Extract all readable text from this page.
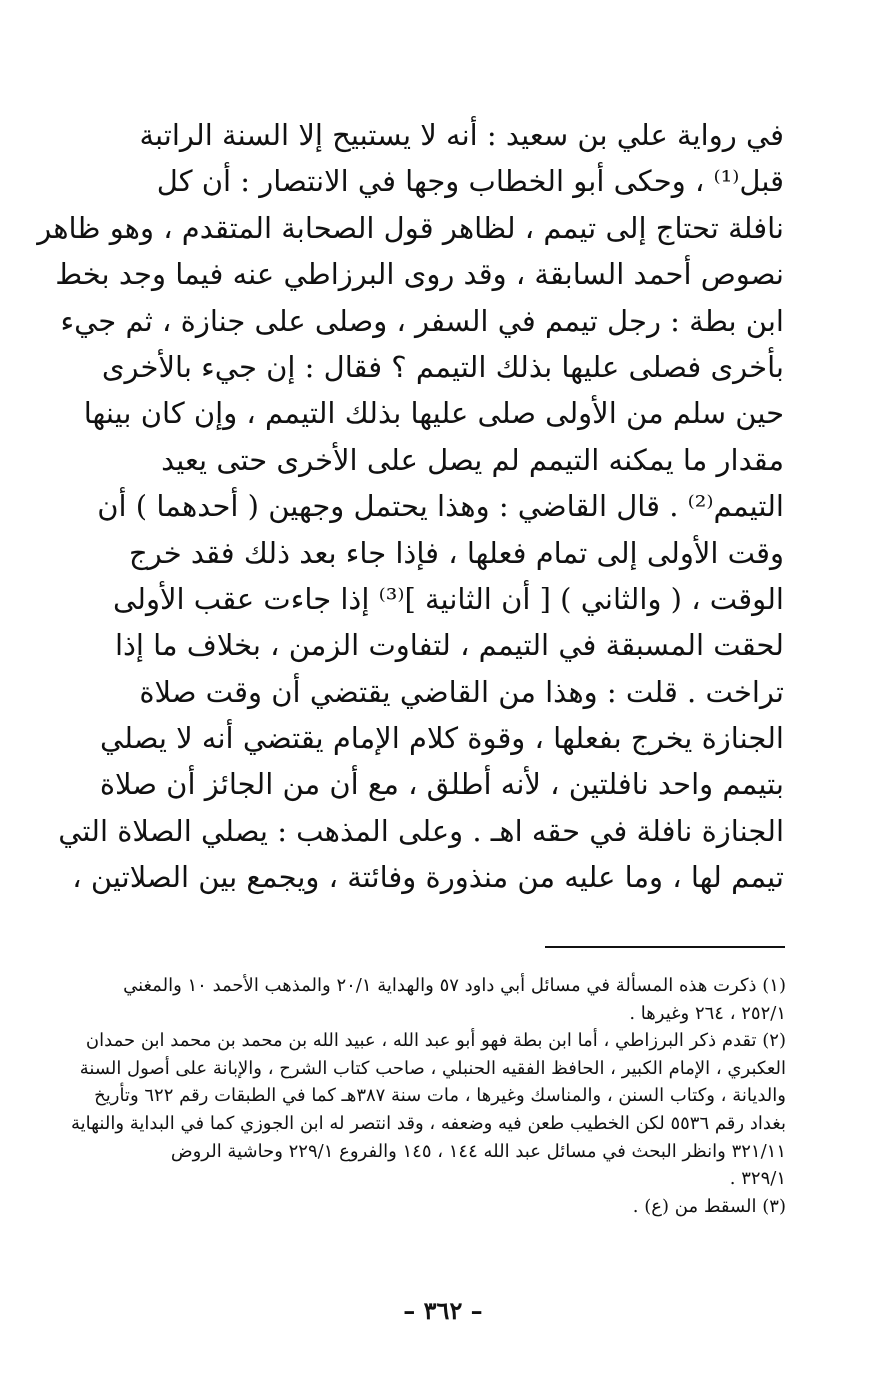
في رواية علي بن سعيد : أنه لا يستبيح إلا السنة الراتبة
قبل⁽¹⁾ ، وحكى أبو الخطاب وجها في الانتصار : أن كل
نافلة تحتاج إلى تيمم ، لظاهر قول الصحابة المتقدم ، وهو ظاهر
نصوص أحمد السابقة ، وقد روى البرزاطي عنه فيما وجد بخط
ابن بطة : رجل تيمم في السفر ، وصلى على جنازة ، ثم جيء
بأخرى فصلى عليها بذلك التيمم ؟ فقال : إن جيء بالأخرى
حين سلم من الأولى صلى عليها بذلك التيمم ، وإن كان بينها
مقدار ما يمكنه التيمم لم يصل على الأخرى حتى يعيد
التيمم⁽²⁾ . قال القاضي : وهذا يحتمل وجهين ( أحدهما ) أن
وقت الأولى إلى تمام فعلها ، فإذا جاء بعد ذلك فقد خرج
الوقت ، ( والثاني ) [ أن الثانية ]⁽³⁾ إذا جاءت عقب الأولى
لحقت المسبقة في التيمم ، لتفاوت الزمن ، بخلاف ما إذا
تراخت . قلت : وهذا من القاضي يقتضي أن وقت صلاة
الجنازة يخرج بفعلها ، وقوة كلام الإمام يقتضي أنه لا يصلي
بتيمم واحد نافلتين ، لأنه أطلق ، مع أن من الجائز أن صلاة
الجنازة نافلة في حقه اهـ . وعلى المذهب : يصلي الصلاة التي
تيمم لها ، وما عليه من منذورة وفائتة ، ويجمع بين الصلاتين ،
(١) ذكرت هذه المسألة في مسائل أبي داود ٥٧ والهداية ٢٠/١ والمذهب الأحمد ١٠ والمغني
٢٥٢/١ ، ٢٦٤ وغيرها .
(٢) تقدم ذكر البرزاطي ، أما ابن بطة فهو أبو عبد الله ، عبيد الله بن محمد بن محمد ابن حمدان
العكبري ، الإمام الكبير ، الحافظ الفقيه الحنبلي ، صاحب كتاب الشرح ، والإبانة على أصول السنة
والديانة ، وكتاب السنن ، والمناسك وغيرها ، مات سنة ٣٨٧هـ كما في الطبقات رقم ٦٢٢ وتأريخ
بغداد رقم ٥٥٣٦ لكن الخطيب طعن فيه وضعفه ، وقد انتصر له ابن الجوزي كما في البداية والنهاية
٣٢١/١١ وانظر البحث في مسائل عبد الله ١٤٤ ، ١٤٥ والفروع ٢٢٩/١ وحاشية الروض
٣٢٩/١ .
(٣) السقط من (ع) .
– ٣٦٢ –
